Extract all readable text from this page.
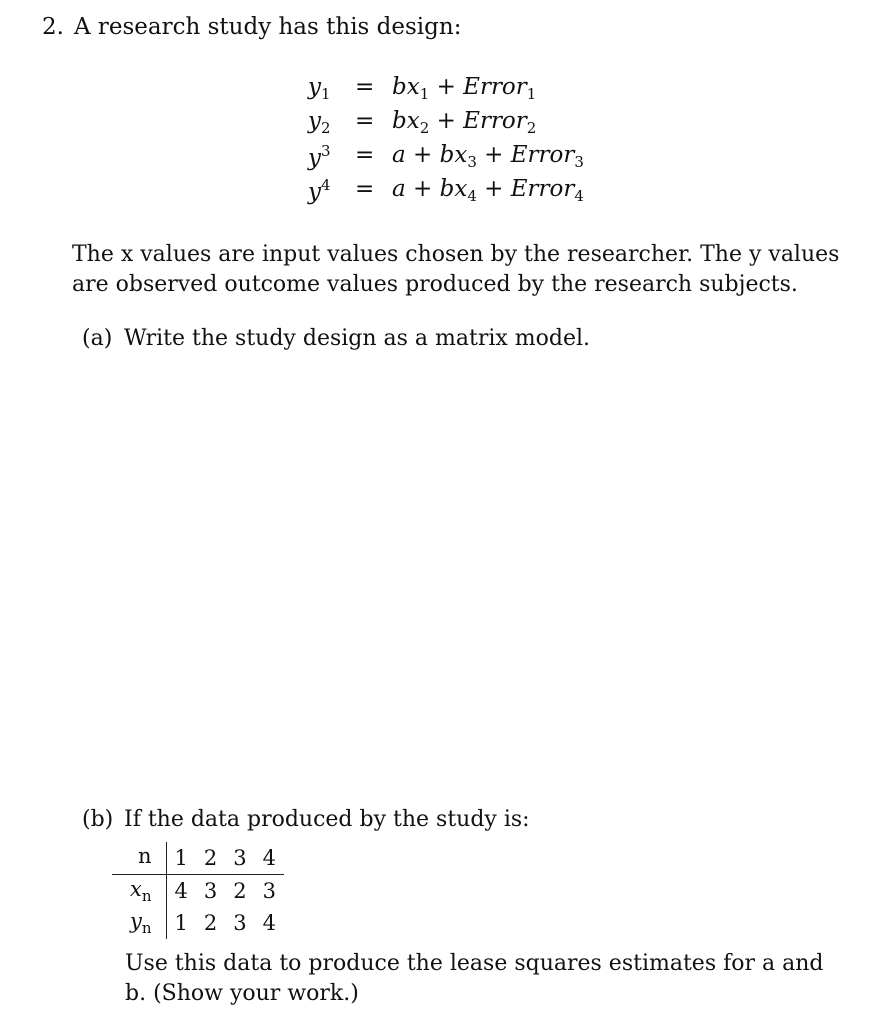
2. A research study has this design:
$y_1 = bx_1$ + Error$_1$
$y_2 = bx_2$ + Error$_2$
$y^3 = a + bx_3$ + Error$_3$
$y^4 = a + bx_4$ + Error$_4$
The x values are input values chosen by the researcher. The y values are observed outcome values produced by the research subjects.
(a) Write the study design as a matrix model.
(b) If the data produced by the study is:
n	1	2	3	4
$x_n$	4	3	2	3
$y_n$	1	2	3	4
Use this data to produce the lease squares estimates for a and b. (Show your work.)
